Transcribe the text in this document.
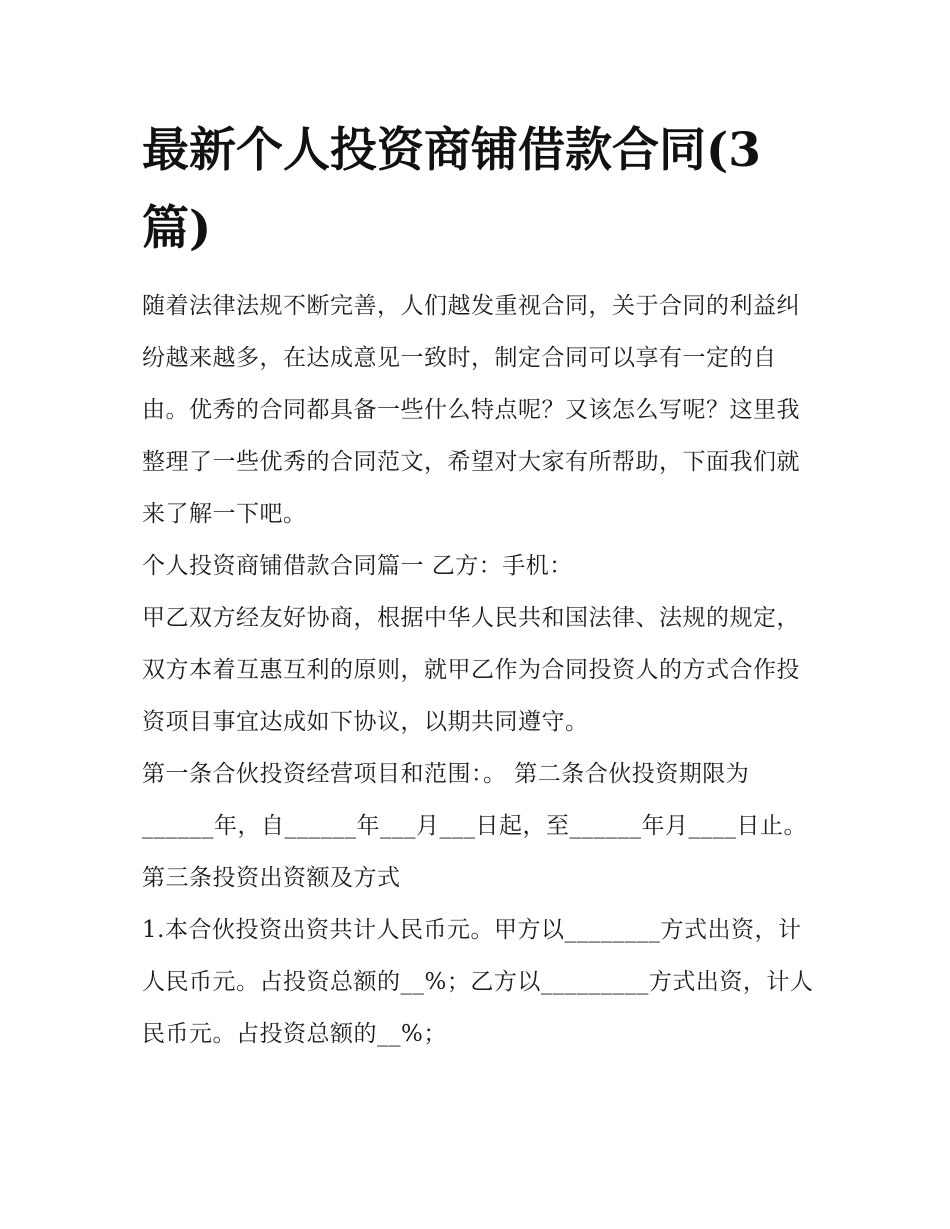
最新个人投资商铺借款合同(3篇)

随着法律法规不断完善，人们越发重视合同，关于合同的利益纠纷越来越多，在达成意见一致时，制定合同可以享有一定的自由。优秀的合同都具备一些什么特点呢？又该怎么写呢？这里我整理了一些优秀的合同范文，希望对大家有所帮助，下面我们就来了解一下吧。

个人投资商铺借款合同篇一 乙方：手机：

甲乙双方经友好协商，根据中华人民共和国法律、法规的规定，双方本着互惠互利的原则，就甲乙作为合同投资人的方式合作投资项目事宜达成如下协议，以期共同遵守。

第一条合伙投资经营项目和范围：。 第二条合伙投资期限为______年，自______年___月___日起，至______年月____日止。

第三条投资出资额及方式

1.本合伙投资出资共计人民币元。甲方以________方式出资，计人民币元。占投资总额的__%；乙方以_________方式出资，计人民币元。占投资总额的__%；
